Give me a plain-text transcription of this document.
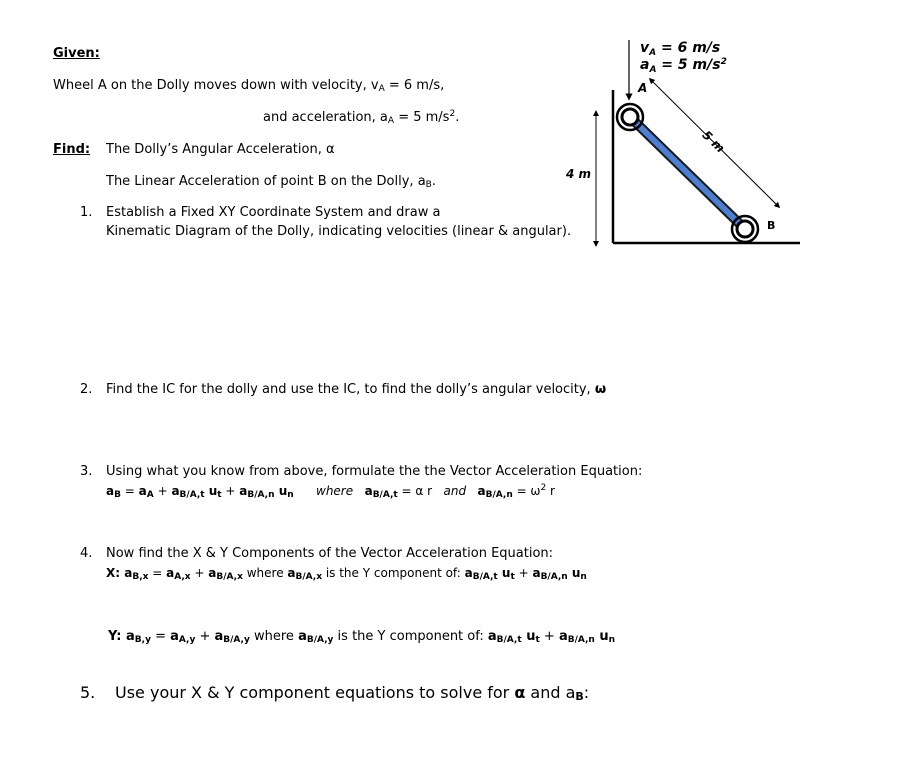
Given:
Wheel A on the Dolly moves down with velocity, $v_A = 6$ m/s,
and acceleration, $a_A = 5$ $m/s^2$.
Find: The Dolly’s Angular Acceleration, α
The Linear Acceleration of point B on the Dolly, $a_B$.
1. Establish a Fixed XY Coordinate System and draw a
Kinematic Diagram of the Dolly, indicating velocities (linear & angular).
2. Find the IC for the dolly and use the IC, to find the dolly’s angular velocity, ω
3. Using what you know from above, formulate the the Vector Acceleration Equation:
$a_B = a_A + a_{B/A,t}$ $u_t + a_{B/A,n}$ $u_n$ where $a_{B/A,t} = \alpha$ r and $a_{B/A,n} = \omega^2$ r
4. Now find the X & Y Components of the Vector Acceleration Equation:
X: $a_{B,x} = a_{A,x} + a_{B/A,x}$ where $a_{B/A,x}$ is the Y component of: $a_{B/A,t}$ $u_t + a_{B/A,n}$ $u_n$
Y: $a_{B,y} = a_{A,y} + a_{B/A,y}$ where $a_{B/A,y}$ is the Y component of: $a_{B/A,t}$ $u_t + a_{B/A,n}$ $u_n$
5. Use your X & Y component equations to solve for α and $a_B$:
4 m
$v_A = 6$ m/s
$a_A = 5$ $m/s^2$
A
B
5 m
